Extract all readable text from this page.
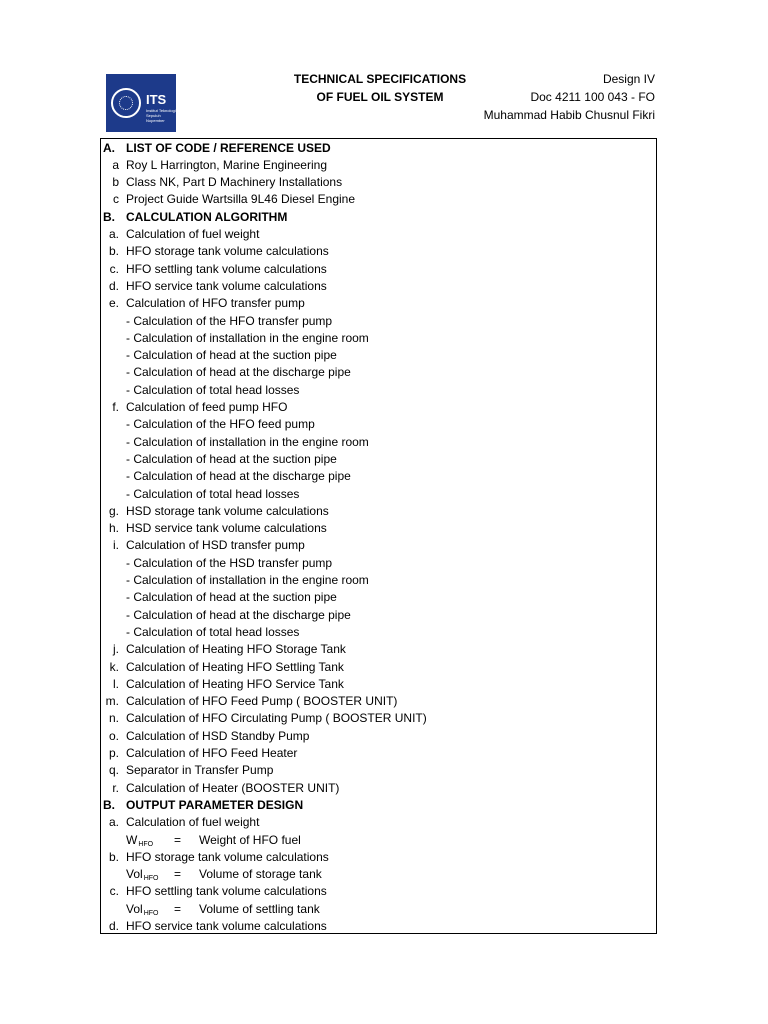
ITS
Institut Teknologi Sepuluh Nopember
TECHNICAL SPECIFICATIONS
OF FUEL OIL SYSTEM
Design IV
Doc 4211 100 043 - FO
Muhammad Habib Chusnul Fikri
A. LIST OF CODE / REFERENCE USED
a Roy L Harrington, Marine Engineering
b Class NK, Part D Machinery Installations
c Project Guide Wartsilla 9L46 Diesel Engine
B. CALCULATION ALGORITHM
a. Calculation of fuel weight
b. HFO storage tank volume calculations
c. HFO settling tank volume calculations
d. HFO service tank volume calculations
e. Calculation of HFO transfer pump
- Calculation of the HFO transfer pump
- Calculation of installation in the engine room
- Calculation of head at the suction pipe
- Calculation of head at the discharge pipe
- Calculation of total head losses
f. Calculation of feed pump HFO
- Calculation of the HFO feed pump
- Calculation of installation in the engine room
- Calculation of head at the suction pipe
- Calculation of head at the discharge pipe
- Calculation of total head losses
g. HSD storage tank volume calculations
h. HSD service tank volume calculations
i. Calculation of HSD transfer pump
- Calculation of the HSD transfer pump
- Calculation of installation in the engine room
- Calculation of head at the suction pipe
- Calculation of head at the discharge pipe
- Calculation of total head losses
j. Calculation of Heating HFO Storage Tank
k. Calculation of Heating HFO Settling Tank
l. Calculation of Heating HFO Service Tank
m. Calculation of HFO Feed Pump ( BOOSTER UNIT)
n. Calculation of HFO Circulating Pump ( BOOSTER UNIT)
o. Calculation of HSD Standby Pump
p. Calculation of HFO Feed Heater
q. Separator in Transfer Pump
r. Calculation of Heater (BOOSTER UNIT)
B. OUTPUT PARAMETER DESIGN
a. Calculation of fuel weight
$W_{HFO}$ = Weight of HFO fuel
b. HFO storage tank volume calculations
Vol$_{HFO}$ = Volume of storage tank
c. HFO settling tank volume calculations
Vol$_{HFO}$ = Volume of settling tank
d. HFO service tank volume calculations
